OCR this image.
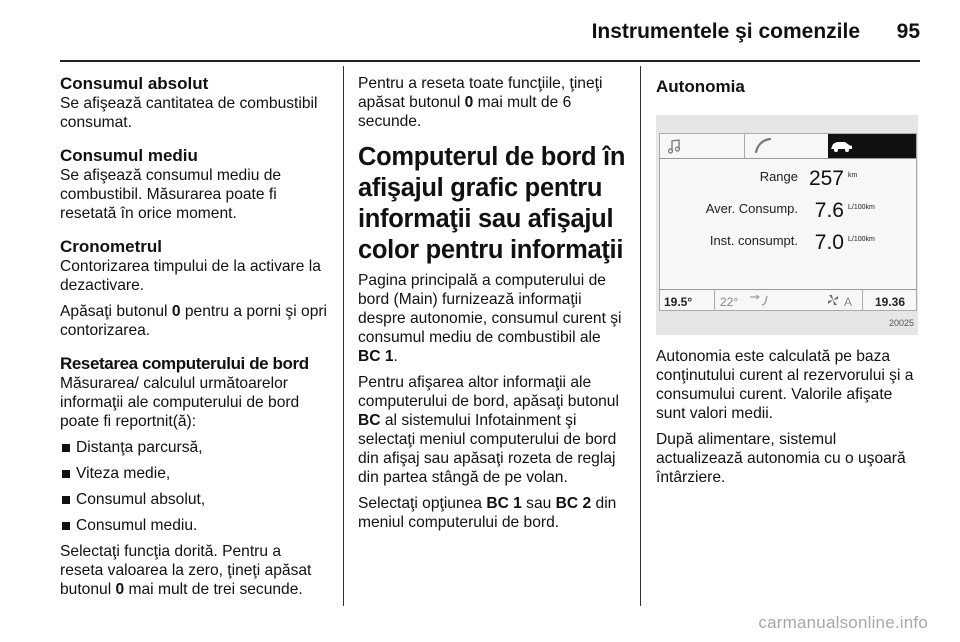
Instrumentele şi comenzile	95
Consumul absolut

Se afişează cantitatea de combustibil consumat.

Consumul mediu

Se afişează consumul mediu de combustibil. Măsurarea poate fi resetată în orice moment.

Cronometrul

Contorizarea timpului de la activare la dezactivare.

Apăsaţi butonul 0 pentru a porni şi opri contorizarea.

Resetarea computerului de bord

Măsurarea/ calculul următoarelor informaţii ale computerului de bord poate fi reportnit(ă):

Distanţa parcursă,
Viteza medie,
Consumul absolut,
Consumul mediu.

Selectaţi funcţia dorită. Pentru a reseta valoarea la zero, ţineţi apăsat butonul 0 mai mult de trei secunde.

Pentru a reseta toate funcţiile, ţineţi apăsat butonul 0 mai mult de 6 secunde.

Computerul de bord în afişajul grafic pentru informaţii sau afişajul color pentru informaţii

Pagina principală a computerului de bord (Main) furnizează informaţii despre autonomie, consumul curent şi consumul mediu de combustibil ale BC 1.

Pentru afişarea altor informaţii ale computerului de bord, apăsaţi butonul BC al sistemului Infotainment şi selectaţi meniul computerului de bord din afişaj sau apăsaţi rozeta de reglaj din partea stângă de pe volan.

Selectaţi opţiunea BC 1 sau BC 2 din meniul computerului de bord.

Autonomia
Range 257 km
Aver. Consump. 7.6 L/100km
Inst. consumpt. 7.0 L/100km
19.5° 22°	A 19.36
20025

Autonomia este calculată pe baza conţinutului curent al rezervorului şi a consumului curent. Valorile afişate sunt valori medii.

După alimentare, sistemul actualizează autonomia cu o uşoară întârziere.

carmanualsonline.info
